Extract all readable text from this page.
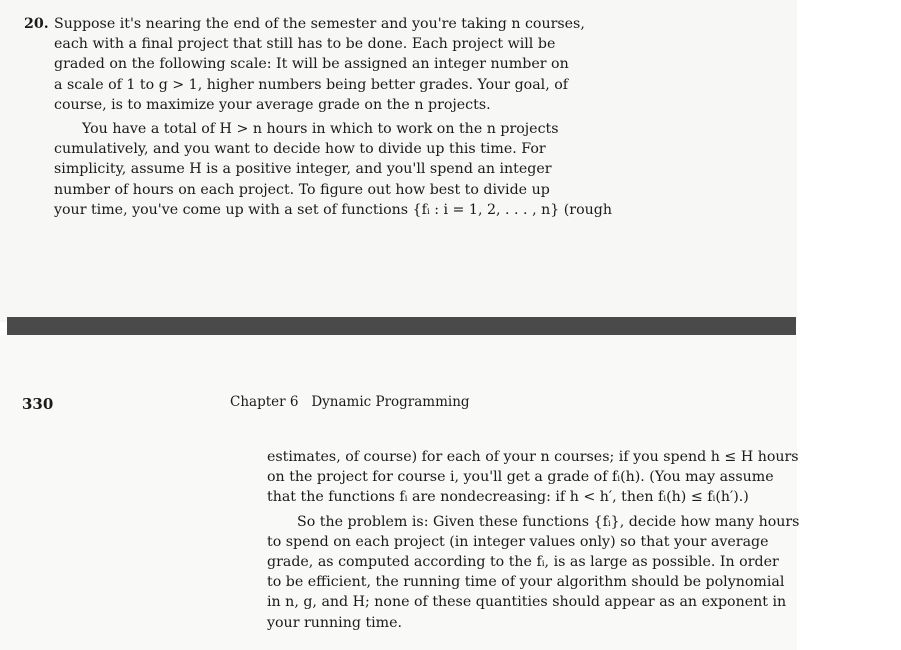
20. Suppose it's nearing the end of the semester and you're taking n courses,
each with a final project that still has to be done. Each project will be
graded on the following scale: It will be assigned an integer number on
a scale of 1 to g > 1, higher numbers being better grades. Your goal, of
course, is to maximize your average grade on the n projects.
You have a total of H > n hours in which to work on the n projects
cumulatively, and you want to decide how to divide up this time. For
simplicity, assume H is a positive integer, and you'll spend an integer
number of hours on each project. To figure out how best to divide up
your time, you've come up with a set of functions {fᵢ : i = 1, 2, . . . , n} (rough
330	Chapter 6   Dynamic Programming
estimates, of course) for each of your n courses; if you spend h ≤ H hours
on the project for course i, you'll get a grade of fᵢ(h). (You may assume
that the functions fᵢ are nondecreasing: if h < h′, then fᵢ(h) ≤ fᵢ(h′).)
So the problem is: Given these functions {fᵢ}, decide how many hours
to spend on each project (in integer values only) so that your average
grade, as computed according to the fᵢ, is as large as possible. In order
to be efficient, the running time of your algorithm should be polynomial
in n, g, and H; none of these quantities should appear as an exponent in
your running time.
